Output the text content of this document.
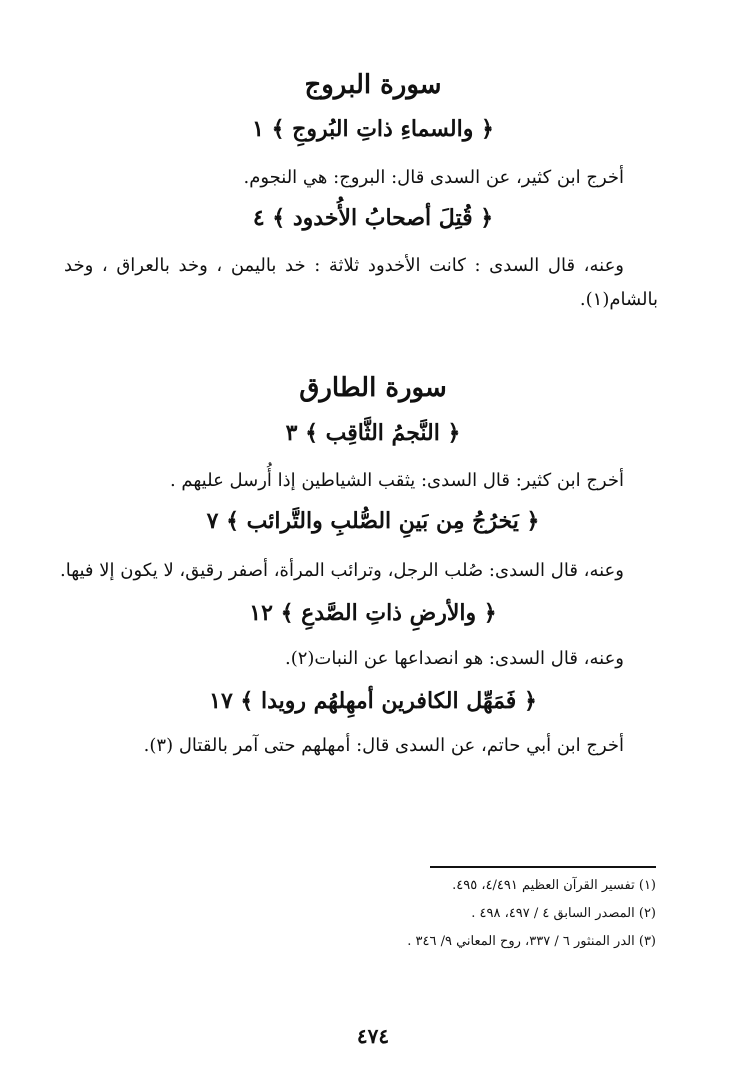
سورة البروج
﴿ والسماءِ ذاتِ البُروجِ ﴾ ١
أخرج ابن كثير، عن السدى قال: البروج: هي النجوم.
﴿ قُتِلَ أصحابُ الأُخدود ﴾ ٤
وعنه، قال السدى : كانت الأخدود ثلاثة : خد باليمن ، وخد بالعراق ، وخد
بالشام(١).
سورة الطارق
﴿ النَّجمُ الثَّاقِب ﴾ ٣
أخرج ابن كثير: قال السدى: يثقب الشياطين إذا أُرسل عليهم .
﴿ يَخرُجُ مِن بَينِ الصُّلبِ والتَّرائب ﴾ ٧
وعنه، قال السدى: صُلب الرجل، وترائب المرأة، أصفر رقيق، لا يكون إلا فيها.
﴿ والأرضِ ذاتِ الصَّدعِ ﴾ ١٢
وعنه، قال السدى: هو انصداعها عن النبات(٢).
﴿ فَمَهِّل الكافرين أمهِلهُم رويدا ﴾ ١٧
أخرج ابن أبي حاتم، عن السدى قال: أمهلهم حتى آمر بالقتال (٣).
(١) تفسير القرآن العظيم ٤/٤٩١، ٤٩٥.
(٢) المصدر السابق ٤ / ٤٩٧، ٤٩٨ .
(٣) الدر المنثور ٦ / ٣٣٧، روح المعاني ٩/ ٣٤٦ .
٤٧٤
